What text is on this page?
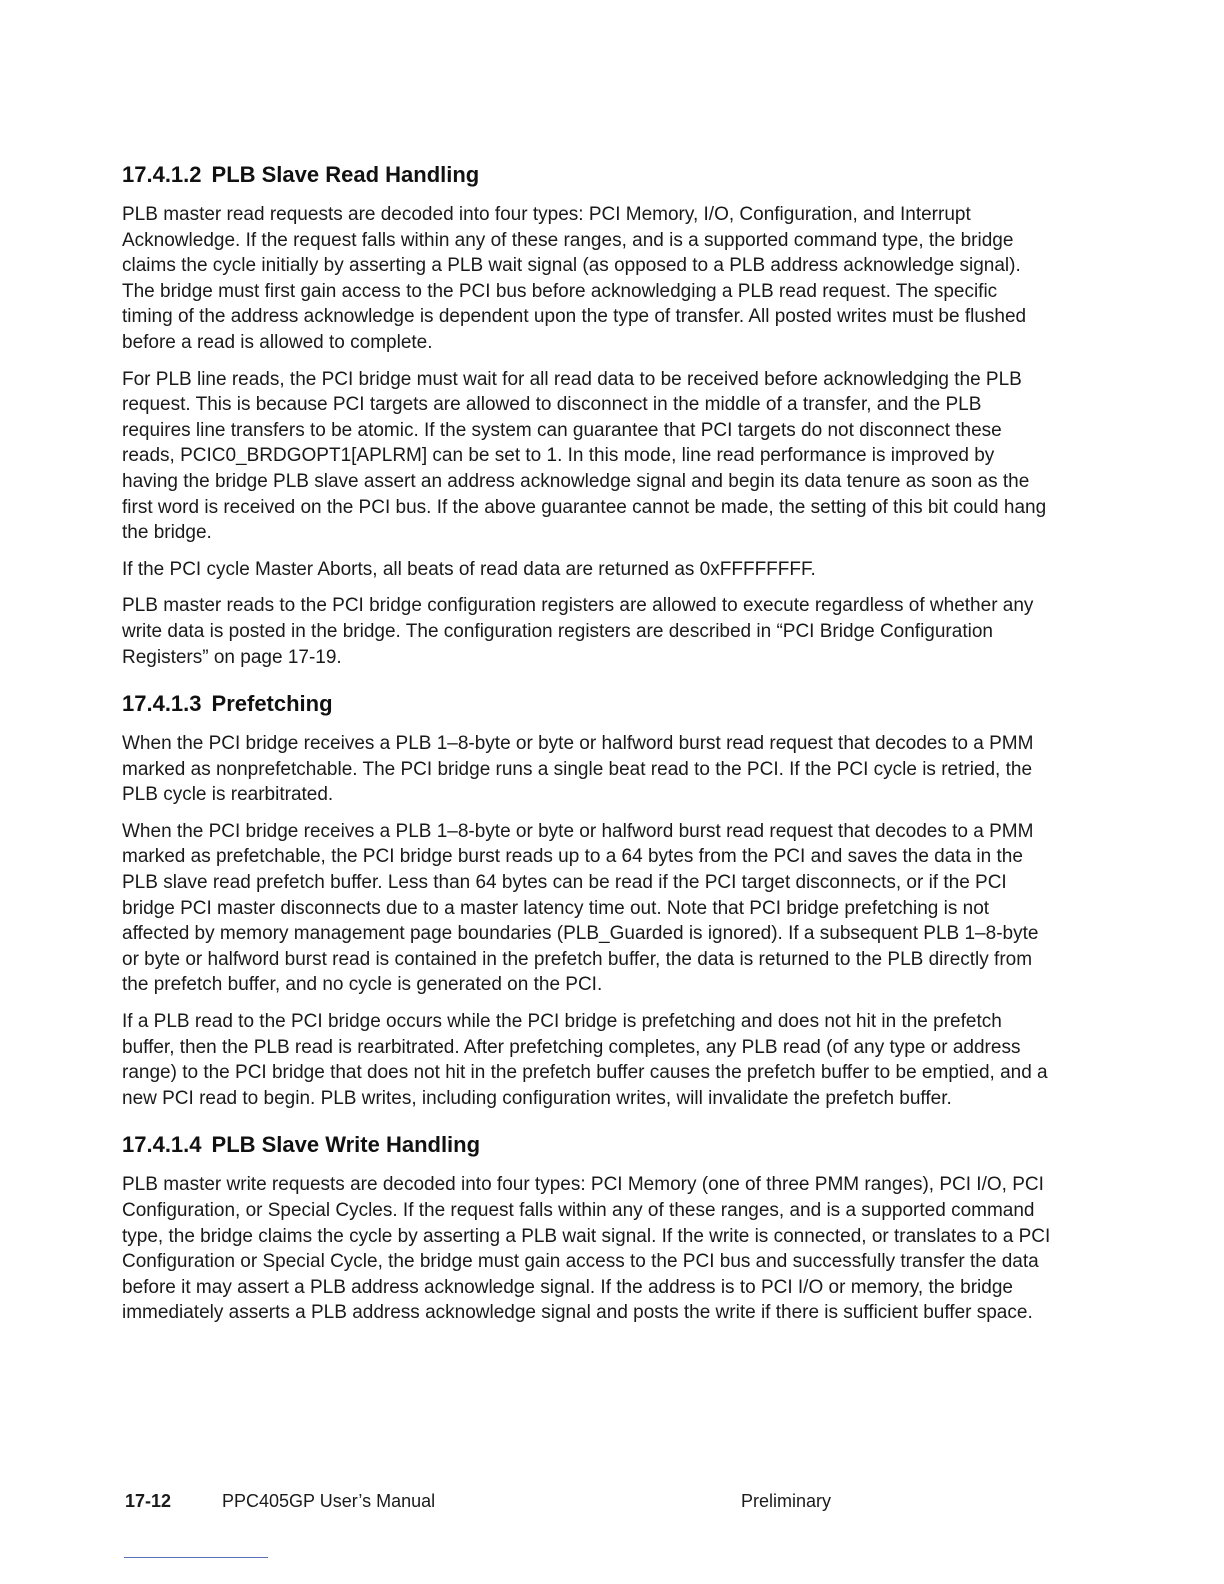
17.4.1.2 PLB Slave Read Handling

PLB master read requests are decoded into four types: PCI Memory, I/O, Configuration, and Interrupt Acknowledge. If the request falls within any of these ranges, and is a supported command type, the bridge claims the cycle initially by asserting a PLB wait signal (as opposed to a PLB address acknowledge signal). The bridge must first gain access to the PCI bus before acknowledging a PLB read request. The specific timing of the address acknowledge is dependent upon the type of transfer. All posted writes must be flushed before a read is allowed to complete.

For PLB line reads, the PCI bridge must wait for all read data to be received before acknowledging the PLB request. This is because PCI targets are allowed to disconnect in the middle of a transfer, and the PLB requires line transfers to be atomic. If the system can guarantee that PCI targets do not disconnect these reads, PCIC0_BRDGOPT1[APLRM] can be set to 1. In this mode, line read performance is improved by having the bridge PLB slave assert an address acknowledge signal and begin its data tenure as soon as the first word is received on the PCI bus. If the above guarantee cannot be made, the setting of this bit could hang the bridge.

If the PCI cycle Master Aborts, all beats of read data are returned as 0xFFFFFFFF.

PLB master reads to the PCI bridge configuration registers are allowed to execute regardless of whether any write data is posted in the bridge. The configuration registers are described in “PCI Bridge Configuration Registers” on page 17-19.

17.4.1.3 Prefetching

When the PCI bridge receives a PLB 1–8-byte or byte or halfword burst read request that decodes to a PMM marked as nonprefetchable. The PCI bridge runs a single beat read to the PCI. If the PCI cycle is retried, the PLB cycle is rearbitrated.

When the PCI bridge receives a PLB 1–8-byte or byte or halfword burst read request that decodes to a PMM marked as prefetchable, the PCI bridge burst reads up to a 64 bytes from the PCI and saves the data in the PLB slave read prefetch buffer. Less than 64 bytes can be read if the PCI target disconnects, or if the PCI bridge PCI master disconnects due to a master latency time out. Note that PCI bridge prefetching is not affected by memory management page boundaries (PLB_Guarded is ignored). If a subsequent PLB 1–8-byte or byte or halfword burst read is contained in the prefetch buffer, the data is returned to the PLB directly from the prefetch buffer, and no cycle is generated on the PCI.

If a PLB read to the PCI bridge occurs while the PCI bridge is prefetching and does not hit in the prefetch buffer, then the PLB read is rearbitrated. After prefetching completes, any PLB read (of any type or address range) to the PCI bridge that does not hit in the prefetch buffer causes the prefetch buffer to be emptied, and a new PCI read to begin. PLB writes, including configuration writes, will invalidate the prefetch buffer.

17.4.1.4 PLB Slave Write Handling

PLB master write requests are decoded into four types: PCI Memory (one of three PMM ranges), PCI I/O, PCI Configuration, or Special Cycles. If the request falls within any of these ranges, and is a supported command type, the bridge claims the cycle by asserting a PLB wait signal. If the write is connected, or translates to a PCI Configuration or Special Cycle, the bridge must gain access to the PCI bus and successfully transfer the data before it may assert a PLB address acknowledge signal. If the address is to PCI I/O or memory, the bridge immediately asserts a PLB address acknowledge signal and posts the write if there is sufficient buffer space.

17-12	PPC405GP User’s Manual	Preliminary
